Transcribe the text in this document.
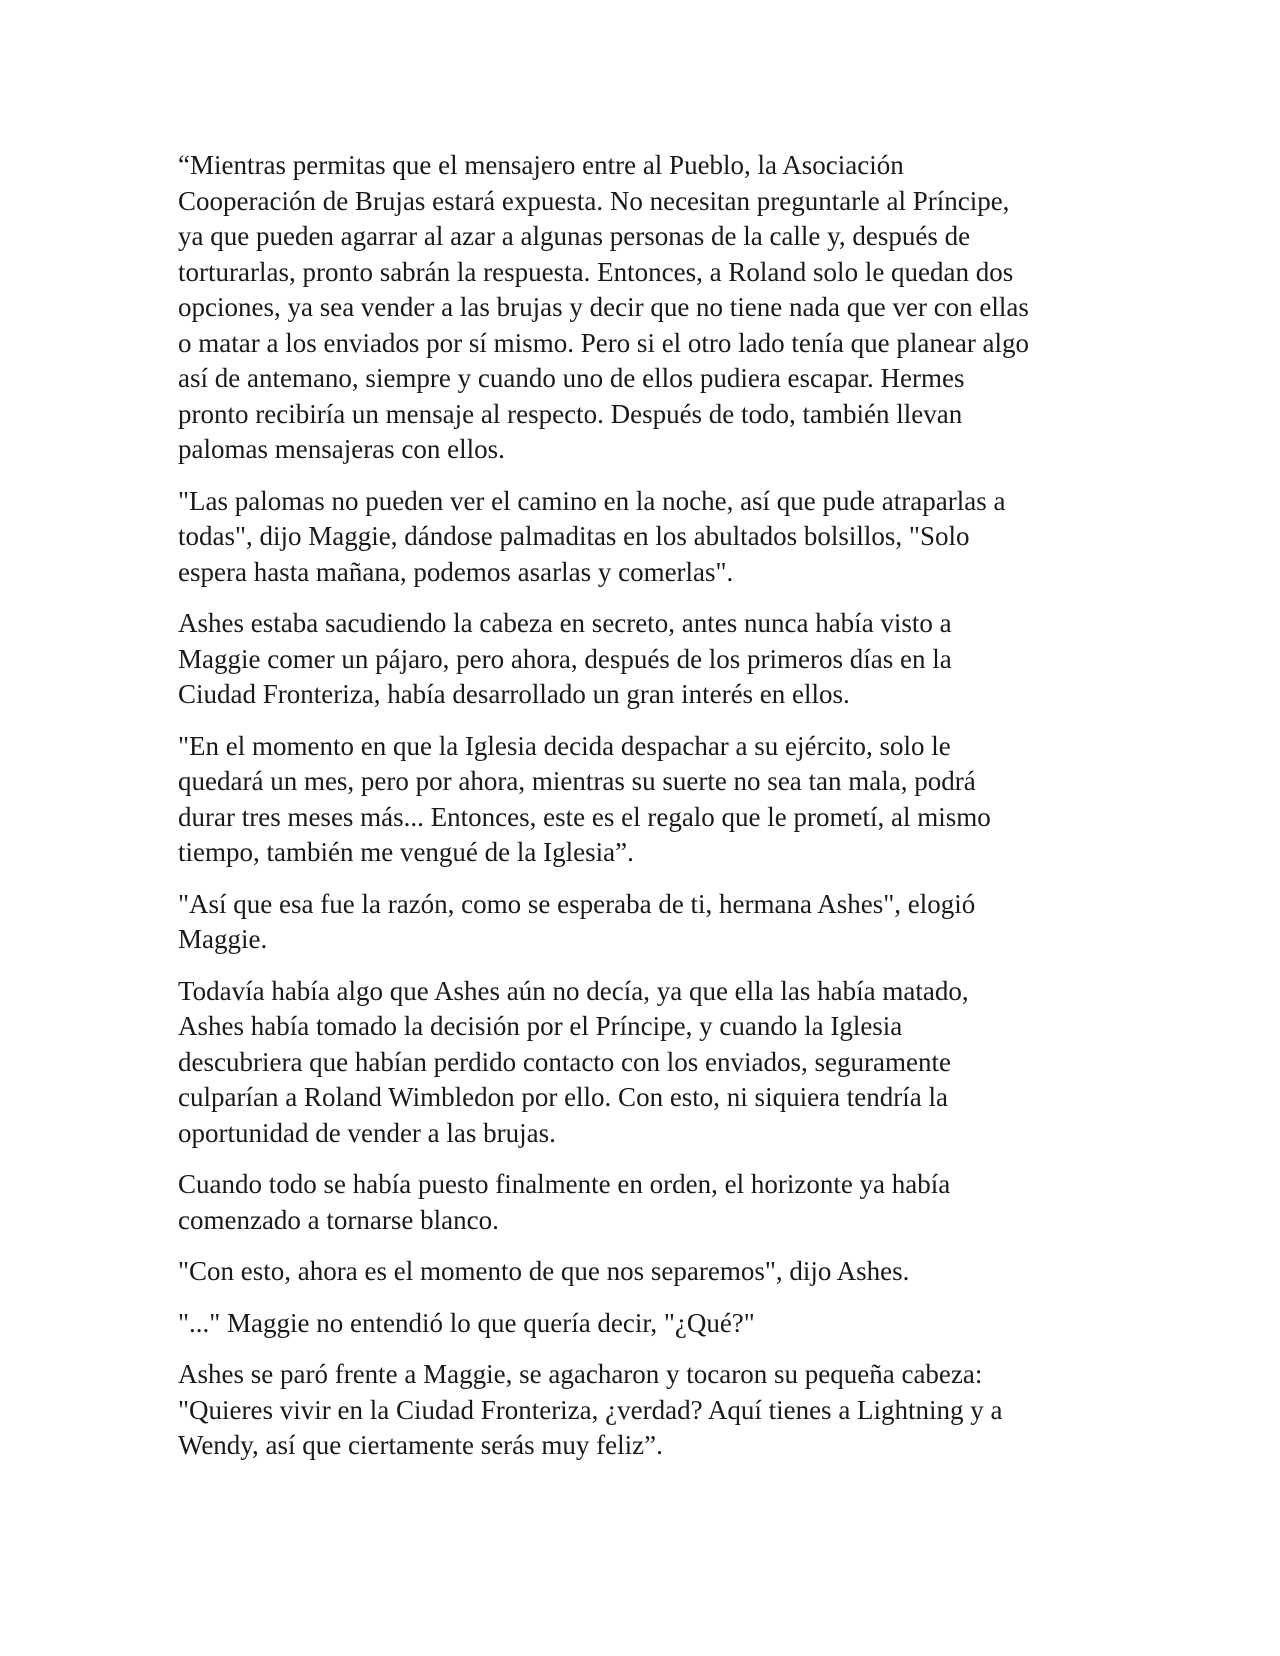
“Mientras permitas que el mensajero entre al Pueblo, la Asociación
Cooperación de Brujas estará expuesta. No necesitan preguntarle al Príncipe,
ya que pueden agarrar al azar a algunas personas de la calle y, después de
torturarlas, pronto sabrán la respuesta. Entonces, a Roland solo le quedan dos
opciones, ya sea vender a las brujas y decir que no tiene nada que ver con ellas
o matar a los enviados por sí mismo. Pero si el otro lado tenía que planear algo
así de antemano, siempre y cuando uno de ellos pudiera escapar. Hermes
pronto recibiría un mensaje al respecto. Después de todo, también llevan
palomas mensajeras con ellos.

"Las palomas no pueden ver el camino en la noche, así que pude atraparlas a
todas", dijo Maggie, dándose palmaditas en los abultados bolsillos, "Solo
espera hasta mañana, podemos asarlas y comerlas".

Ashes estaba sacudiendo la cabeza en secreto, antes nunca había visto a
Maggie comer un pájaro, pero ahora, después de los primeros días en la
Ciudad Fronteriza, había desarrollado un gran interés en ellos.

"En el momento en que la Iglesia decida despachar a su ejército, solo le
quedará un mes, pero por ahora, mientras su suerte no sea tan mala, podrá
durar tres meses más... Entonces, este es el regalo que le prometí, al mismo
tiempo, también me vengué de la Iglesia”.

"Así que esa fue la razón, como se esperaba de ti, hermana Ashes", elogió
Maggie.

Todavía había algo que Ashes aún no decía, ya que ella las había matado,
Ashes había tomado la decisión por el Príncipe, y cuando la Iglesia
descubriera que habían perdido contacto con los enviados, seguramente
culparían a Roland Wimbledon por ello. Con esto, ni siquiera tendría la
oportunidad de vender a las brujas.

Cuando todo se había puesto finalmente en orden, el horizonte ya había
comenzado a tornarse blanco.

"Con esto, ahora es el momento de que nos separemos", dijo Ashes.

"..." Maggie no entendió lo que quería decir, "¿Qué?"

Ashes se paró frente a Maggie, se agacharon y tocaron su pequeña cabeza:
"Quieres vivir en la Ciudad Fronteriza, ¿verdad? Aquí tienes a Lightning y a
Wendy, así que ciertamente serás muy feliz”.
